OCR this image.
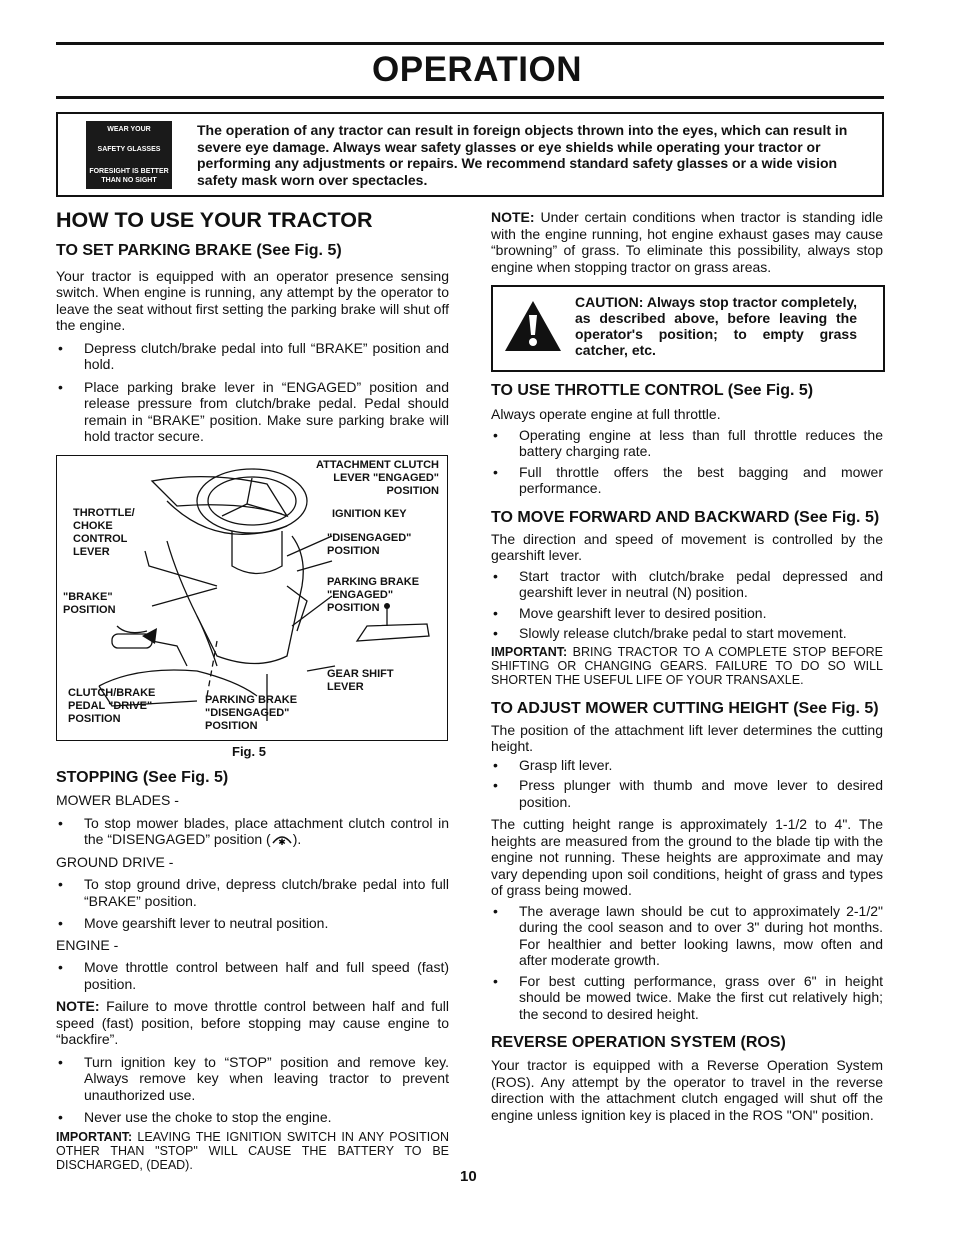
OPERATION
WEAR YOUR
SAFETY GLASSES
FORESIGHT IS BETTER THAN NO SIGHT
The operation of any tractor can result in foreign objects thrown into the eyes, which can result in severe eye damage. Always wear safety glasses or eye shields while operating your tractor or performing any adjustments or repairs. We recommend standard safety glasses or a wide vision safety mask worn over spectacles.
HOW TO USE YOUR TRACTOR
TO SET PARKING BRAKE (See Fig. 5)
Your tractor is equipped with an operator presence sensing switch. When engine is running, any attempt by the operator to leave the seat without first setting the parking brake will shut off the engine.
• Depress clutch/brake pedal into full “BRAKE” position and hold.
• Place parking brake lever in “ENGAGED” position and release pressure from clutch/brake pedal. Pedal should remain in “BRAKE” position. Make sure parking brake will hold tractor secure.
ATTACHMENT CLUTCH
LEVER "ENGAGED"
POSITION
THROTTLE/
CHOKE
CONTROL
LEVER
IGNITION KEY
"DISENGAGED"
POSITION
PARKING BRAKE
"ENGAGED"
POSITION
"BRAKE"
POSITION
GEAR SHIFT
LEVER
CLUTCH/BRAKE
PEDAL "DRIVE"
POSITION
PARKING BRAKE
"DISENGAGED"
POSITION
Fig. 5
STOPPING (See Fig. 5)
MOWER BLADES -
• To stop mower blades, place attachment clutch control in the “DISENGAGED” position ( ✱ ).
GROUND DRIVE -
• To stop ground drive, depress clutch/brake pedal into full “BRAKE” position.
• Move gearshift lever to neutral position.
ENGINE -
• Move throttle control between half and full speed (fast) position.
NOTE: Failure to move throttle control between half and full speed (fast) position, before stopping may cause engine to “backfire”.
• Turn ignition key to “STOP” position and remove key. Always remove key when leaving tractor to prevent unauthorized use.
• Never use the choke to stop the engine.
IMPORTANT: LEAVING THE IGNITION SWITCH IN ANY POSITION OTHER THAN "STOP" WILL CAUSE THE BATTERY TO BE DISCHARGED, (DEAD).
NOTE: Under certain conditions when tractor is standing idle with the engine running, hot engine exhaust gases may cause “browning” of grass. To eliminate this possibility, always stop engine when stopping tractor on grass areas.
CAUTION: Always stop tractor completely, as described above, before leaving the operator's position; to empty grass catcher, etc.
TO USE THROTTLE CONTROL (See Fig. 5)
Always operate engine at full throttle.
• Operating engine at less than full throttle reduces the battery charging rate.
• Full throttle offers the best bagging and mower performance.
TO MOVE FORWARD AND BACKWARD (See Fig. 5)
The direction and speed of movement is controlled by the gearshift lever.
• Start tractor with clutch/brake pedal depressed and gearshift lever in neutral (N) position.
• Move gearshift lever to desired position.
• Slowly release clutch/brake pedal to start movement.
IMPORTANT: BRING TRACTOR TO A COMPLETE STOP BEFORE SHIFTING OR CHANGING GEARS. FAILURE TO DO SO WILL SHORTEN THE USEFUL LIFE OF YOUR TRANSAXLE.
TO ADJUST MOWER CUTTING HEIGHT (See Fig. 5)
The position of the attachment lift lever determines the cutting height.
• Grasp lift lever.
• Press plunger with thumb and move lever to desired position.
The cutting height range is approximately 1-1/2 to 4". The heights are measured from the ground to the blade tip with the engine not running. These heights are approximate and may vary depending upon soil conditions, height of grass and types of grass being mowed.
• The average lawn should be cut to approximately 2-1/2" during the cool season and to over 3" during hot months. For healthier and better looking lawns, mow often and after moderate growth.
• For best cutting performance, grass over 6" in height should be mowed twice. Make the first cut relatively high; the second to desired height.
REVERSE OPERATION SYSTEM (ROS)
Your tractor is equipped with a Reverse Operation System (ROS). Any attempt by the operator to travel in the reverse direction with the attachment clutch engaged will shut off the engine unless ignition key is placed in the ROS "ON" position.
10
